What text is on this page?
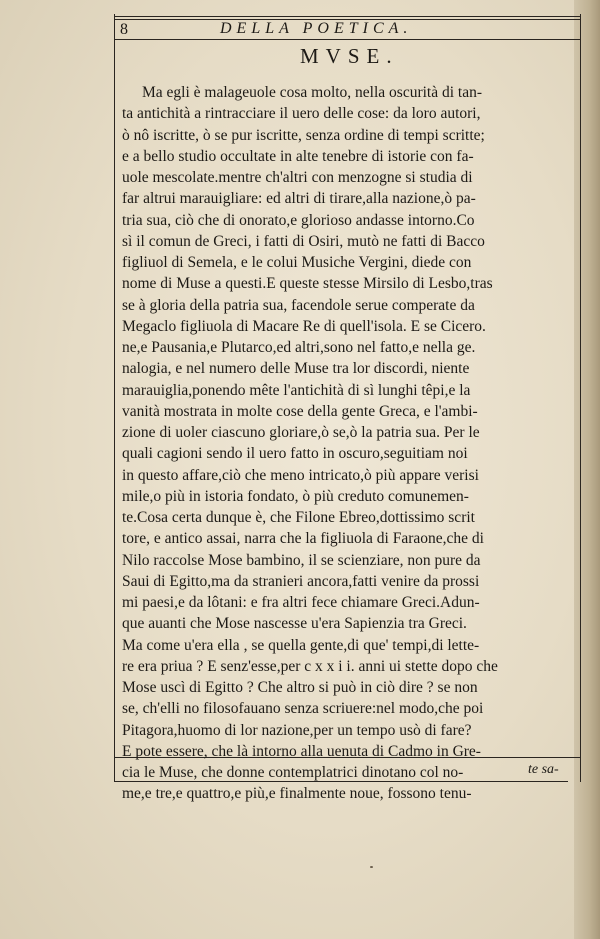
8	DELLA POETICA.
MVSE.
Ma egli è malageuole cosa molto, nella oscurità di tan-
ta antichità a rintracciare il uero delle cose: da loro autori,
ò nô iscritte, ò se pur iscritte, senza ordine di tempi scritte;
e a bello studio occultate in alte tenebre di istorie con fa-
uole mescolate.mentre ch'altri con menzogne si studia di
far altrui marauigliare: ed altri di tirare,alla nazione,ò pa-
tria sua, ciò che di onorato,e glorioso andasse intorno.Co
sì il comun de Greci, i fatti di Osiri, mutò ne fatti di Bacco
figliuol di Semela, e le colui Musiche Vergini, diede con
nome di Muse a questi.E queste stesse Mirsilo di Lesbo,tras
se à gloria della patria sua, facendole serue comperate da
Megaclo figliuola di Macare Re di quell'isola. E se Cicero.
ne,e Pausania,e Plutarco,ed altri,sono nel fatto,e nella ge.
nalogia, e nel numero delle Muse tra lor discordi, niente
marauiglia,ponendo mête l'antichità di sì lunghi têpi,e la
vanità mostrata in molte cose della gente Greca, e l'ambi-
zione di uoler ciascuno gloriare,ò se,ò la patria sua. Per le
quali cagioni sendo il uero fatto in oscuro,seguitiam noi
in questo affare,ciò che meno intricato,ò più appare verisi
mile,o più in istoria fondato, ò più creduto comunemen-
te.Cosa certa dunque è, che Filone Ebreo,dottissimo scrit
tore, e antico assai, narra che la figliuola di Faraone,che di
Nilo raccolse Mose bambino, il se scienziare, non pure da
Saui di Egitto,ma da stranieri ancora,fatti venire da prossi
mi paesi,e da lôtani: e fra altri fece chiamare Greci.Adun-
que auanti che Mose nascesse u'era Sapienzia tra Greci.
Ma come u'era ella , se quella gente,di que' tempi,di lette-
re era priua ? E senz'esse,per c x x i i. anni ui stette dopo che
Mose uscì di Egitto ? Che altro si può in ciò dire ? se non
se, ch'elli no filosofauano senza scriuere:nel modo,che poi
Pitagora,huomo di lor nazione,per un tempo usò di fare?
E pote essere, che là intorno alla uenuta di Cadmo in Gre-
cia le Muse, che donne contemplatrici dinotano col no-
me,e tre,e quattro,e più,e finalmente noue, fossono tenu-
te sa-
